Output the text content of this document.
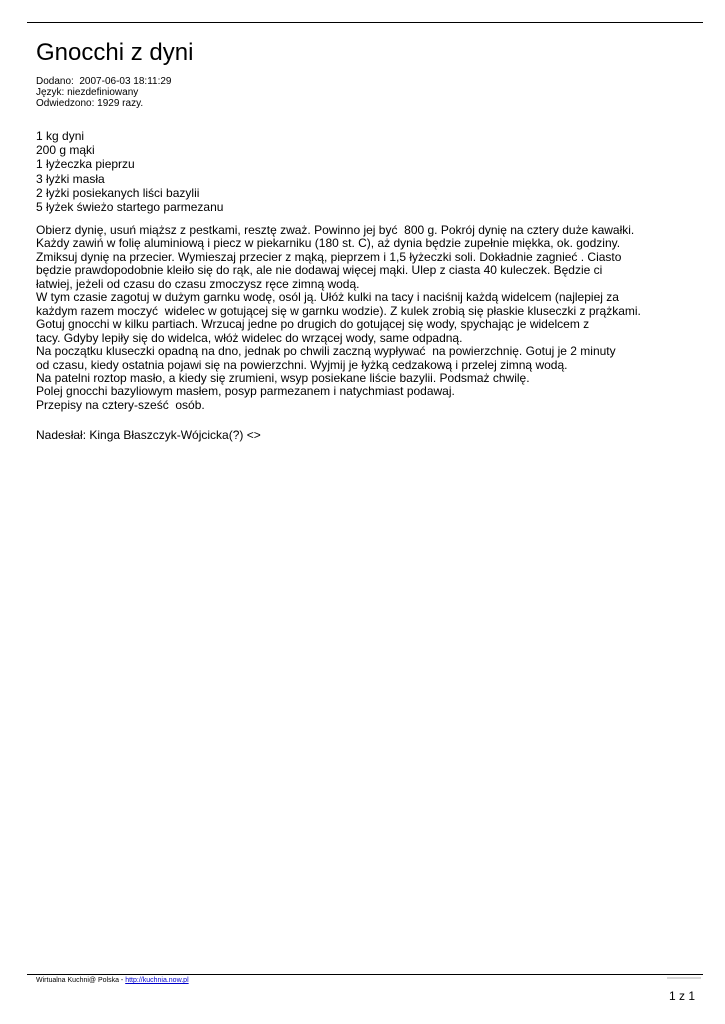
Gnocchi z dyni
Dodano:  2007-06-03 18:11:29
Język: niezdefiniowany
Odwiedzono: 1929 razy.
1 kg dyni
200 g mąki
1 łyżeczka pieprzu
3 łyżki masła
2 łyżki posiekanych liści bazylii
5 łyżek świeżo startego parmezanu
Obierz dynię, usuń miąższ z pestkami, resztę zważ. Powinno jej być  800 g. Pokrój dynię na cztery duże kawałki.
Każdy zawiń w folię aluminiową i piecz w piekarniku (180 st. C), aż dynia będzie zupełnie miękka, ok. godziny.
Zmiksuj dynię na przecier. Wymieszaj przecier z mąką, pieprzem i 1,5 łyżeczki soli. Dokładnie zagnieć . Ciasto
będzie prawdopodobnie kleiło się do rąk, ale nie dodawaj więcej mąki. Ulep z ciasta 40 kuleczek. Będzie ci
łatwiej, jeżeli od czasu do czasu zmoczysz ręce zimną wodą.
W tym czasie zagotuj w dużym garnku wodę, osól ją. Ułóż kulki na tacy i naciśnij każdą widelcem (najlepiej za
każdym razem moczyć  widelec w gotującej się w garnku wodzie). Z kulek zrobią się płaskie kluseczki z prążkami.
Gotuj gnocchi w kilku partiach. Wrzucaj jedne po drugich do gotującej się wody, spychając je widelcem z
tacy. Gdyby lepiły się do widelca, włóż widelec do wrzącej wody, same odpadną.
Na początku kluseczki opadną na dno, jednak po chwili zaczną wypływać  na powierzchnię. Gotuj je 2 minuty
od czasu, kiedy ostatnia pojawi się na powierzchni. Wyjmij je łyżką cedzakową i przelej zimną wodą.
Na patelni roztop masło, a kiedy się zrumieni, wsyp posiekane liście bazylii. Podsmaż chwilę.
Polej gnocchi bazyliowym masłem, posyp parmezanem i natychmiast podawaj.
Przepisy na cztery-sześć  osób.
Nadesłał: Kinga Błaszczyk-Wójcicka(?) <>
Wirtualna Kuchni@ Polska - http://kuchnia.now.pl
1 z 1
